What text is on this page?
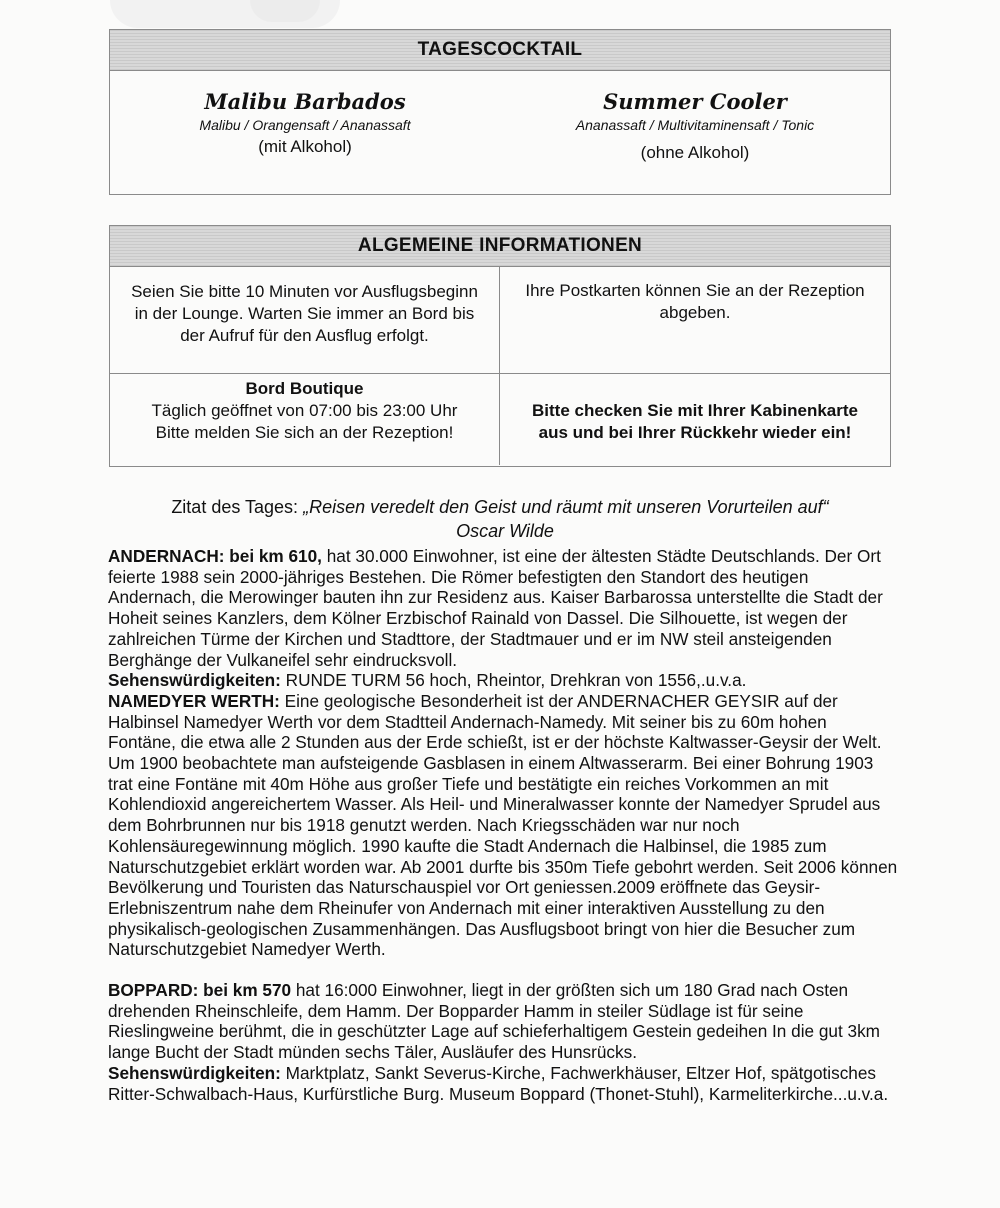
TAGESCOCKTAIL
Malibu Barbados
Malibu / Orangensaft / Ananassaft
(mit Alkohol)
Summer Cooler
Ananassaft / Multivitaminensaft / Tonic
(ohne Alkohol)
ALGEMEINE INFORMATIONEN
Seien Sie bitte 10 Minuten vor Ausflugsbeginn in der Lounge. Warten Sie immer an Bord bis der Aufruf für den Ausflug erfolgt.
Ihre Postkarten können Sie an der Rezeption abgeben.
Bord Boutique
Täglich geöffnet von 07:00 bis 23:00 Uhr
Bitte melden Sie sich an der Rezeption!
Bitte checken Sie mit Ihrer Kabinenkarte aus und bei Ihrer Rückkehr wieder ein!
Zitat des Tages: „Reisen veredelt den Geist und räumt mit unseren Vorurteilen auf“
Oscar Wilde

ANDERNACH: bei km 610, hat 30.000 Einwohner, ist eine der ältesten Städte Deutschlands. Der Ort feierte 1988 sein 2000-jähriges Bestehen. Die Römer befestigten den Standort des heutigen Andernach, die Merowinger bauten ihn zur Residenz aus. Kaiser Barbarossa unterstellte die Stadt der Hoheit seines Kanzlers, dem Kölner Erzbischof Rainald von Dassel. Die Silhouette, ist wegen der zahlreichen Türme der Kirchen und Stadttore, der Stadtmauer und er im NW steil ansteigenden Berghänge der Vulkaneifel sehr eindrucksvoll.

Sehenswürdigkeiten: RUNDE TURM 56 hoch, Rheintor, Drehkran von 1556,.u.v.a.

NAMEDYER WERTH: Eine geologische Besonderheit ist der ANDERNACHER GEYSIR auf der Halbinsel Namedyer Werth vor dem Stadtteil Andernach-Namedy. Mit seiner bis zu 60m hohen Fontäne, die etwa alle 2 Stunden aus der Erde schießt, ist er der höchste Kaltwasser-Geysir der Welt. Um 1900 beobachtete man aufsteigende Gasblasen in einem Altwasserarm. Bei einer Bohrung 1903 trat eine Fontäne mit 40m Höhe aus großer Tiefe und bestätigte ein reiches Vorkommen an mit Kohlendioxid angereichertem Wasser. Als Heil- und Mineralwasser konnte der Namedyer Sprudel aus dem Bohrbrunnen nur bis 1918 genutzt werden. Nach Kriegsschäden war nur noch Kohlensäuregewinnung möglich. 1990 kaufte die Stadt Andernach die Halbinsel, die 1985 zum Naturschutzgebiet erklärt worden war. Ab 2001 durfte bis 350m Tiefe gebohrt werden. Seit 2006 können Bevölkerung und Touristen das Naturschauspiel vor Ort geniessen.2009 eröffnete das Geysir-Erlebniszentrum nahe dem Rheinufer von Andernach mit einer interaktiven Ausstellung zu den physikalisch-geologischen Zusammenhängen. Das Ausflugsboot bringt von hier die Besucher zum Naturschutzgebiet Namedyer Werth.

BOPPARD: bei km 570 hat 16:000 Einwohner, liegt in der größten sich um 180 Grad nach Osten drehenden Rheinschleife, dem Hamm. Der Bopparder Hamm in steiler Südlage ist für seine Rieslingweine berühmt, die in geschützter Lage auf schieferhaltigem Gestein gedeihen In die gut 3km lange Bucht der Stadt münden sechs Täler, Ausläufer des Hunsrücks.

Sehenswürdigkeiten: Marktplatz, Sankt Severus-Kirche, Fachwerkhäuser, Eltzer Hof, spätgotisches Ritter-Schwalbach-Haus, Kurfürstliche Burg. Museum Boppard (Thonet-Stuhl), Karmeliterkirche...u.v.a.
